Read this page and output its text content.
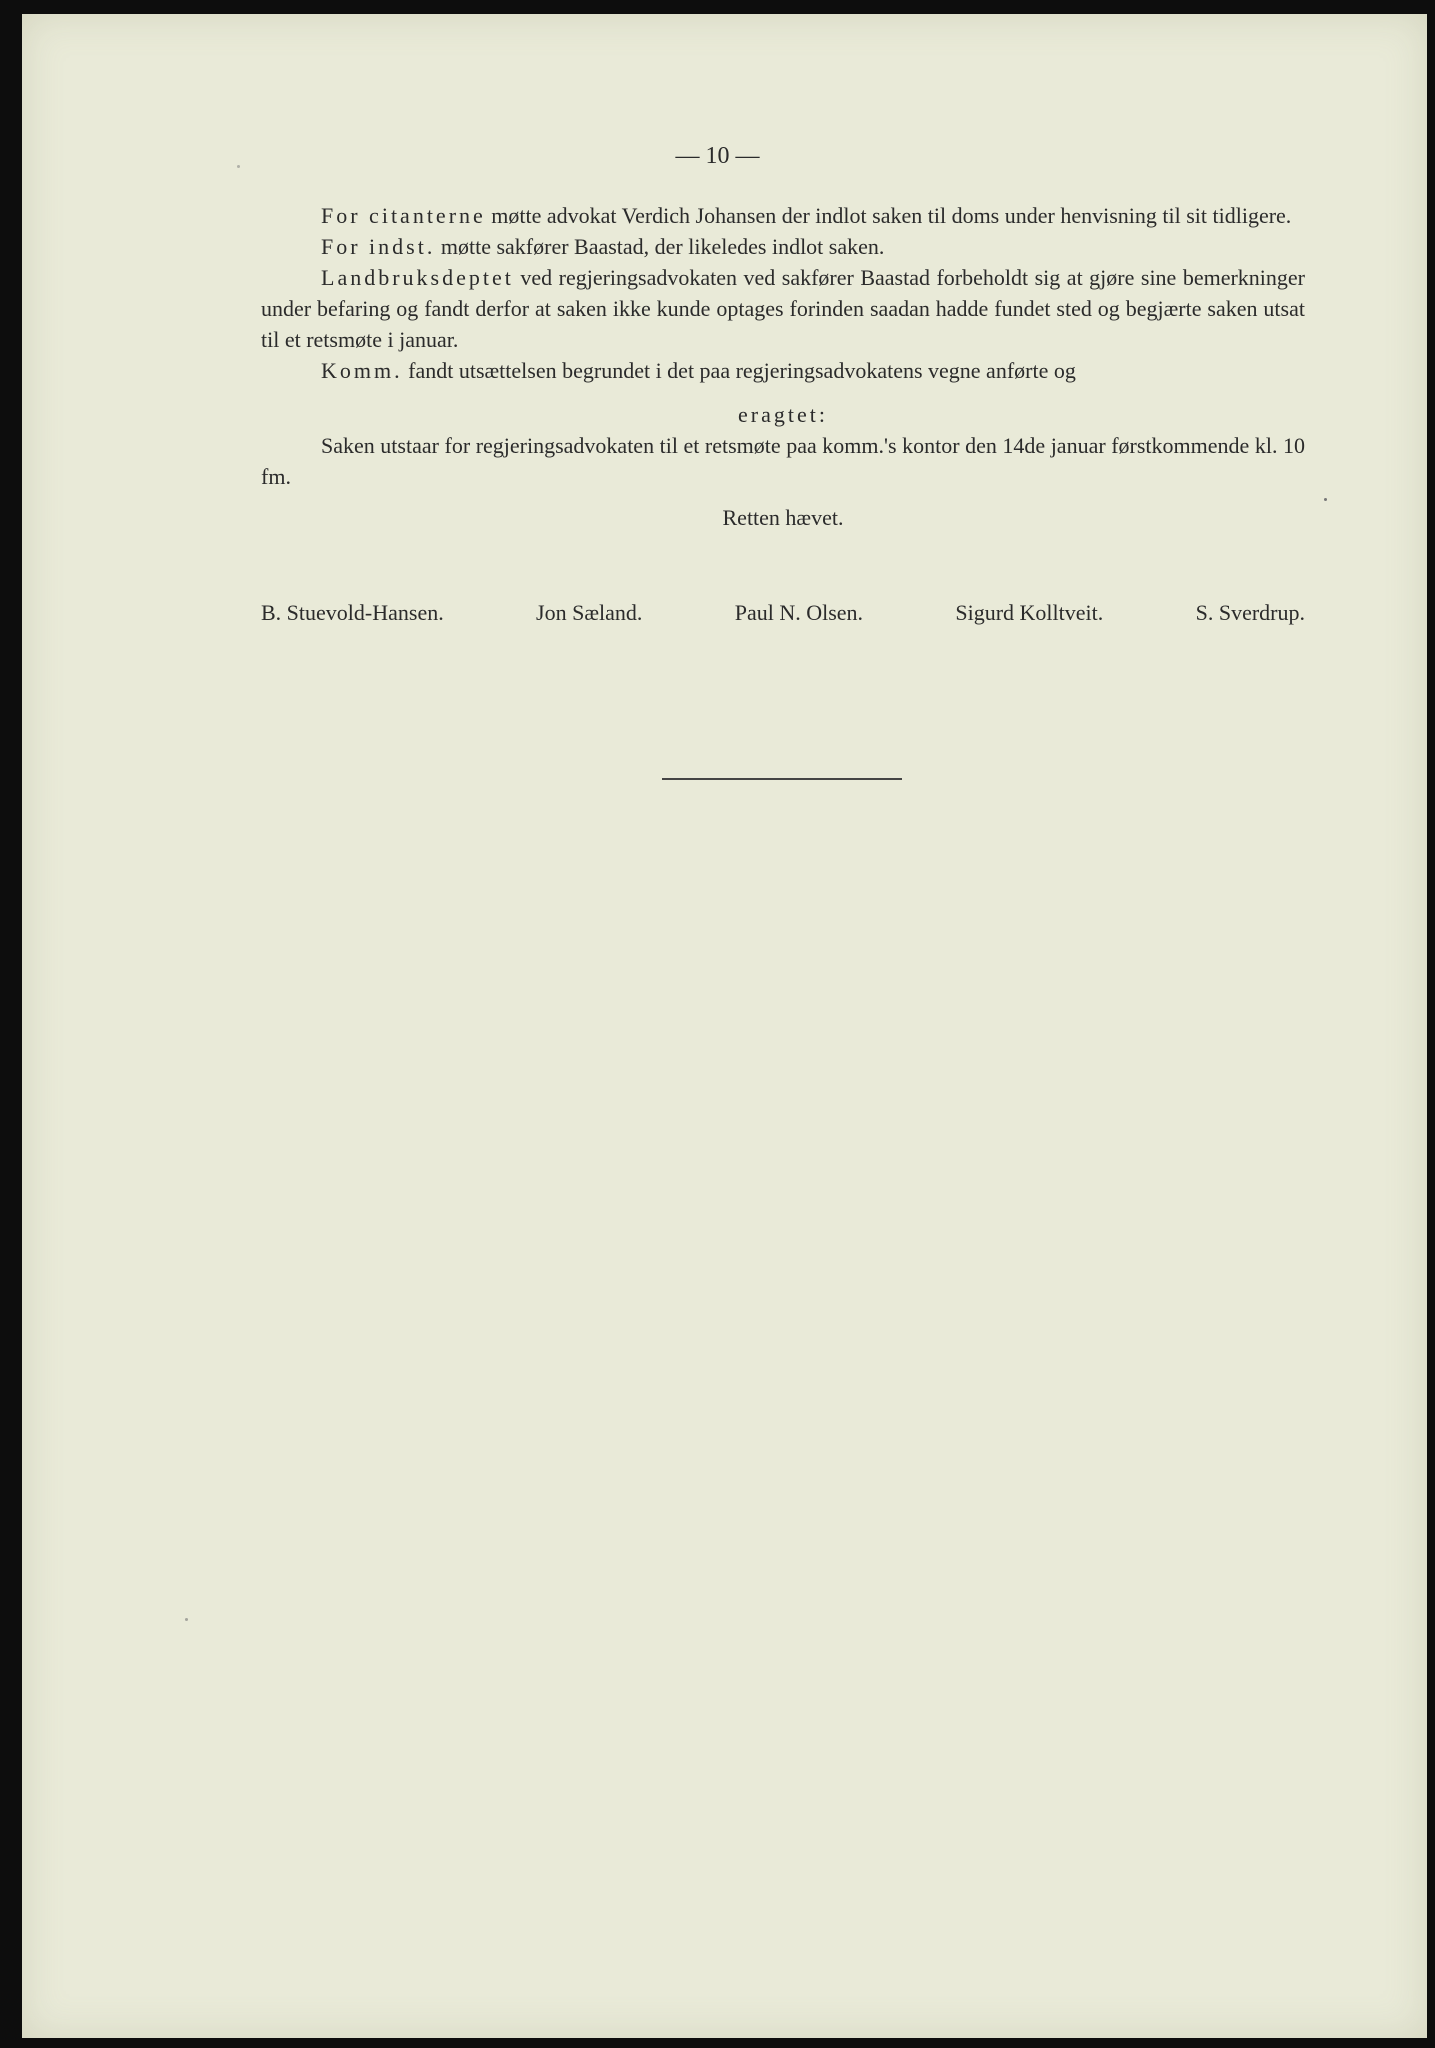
— 10 —

For citanterne møtte advokat Verdich Johansen der indlot saken til doms under henvisning til sit tidligere.

For indst. møtte sakfører Baastad, der likeledes indlot saken.

Landbruksdeptet ved regjeringsadvokaten ved sakfører Baastad forbeholdt sig at gjøre sine bemerkninger under befaring og fandt derfor at saken ikke kunde optages forinden saadan hadde fundet sted og begjærte saken utsat til et retsmøte i januar.

Komm. fandt utsættelsen begrundet i det paa regjeringsadvokatens vegne anførte og

eragtet:

Saken utstaar for regjeringsadvokaten til et retsmøte paa komm.'s kontor den 14de januar førstkommende kl. 10 fm.

Retten hævet.

B. Stuevold-Hansen.	Jon Sæland.	Paul N. Olsen.	Sigurd Kolltveit.	S. Sverdrup.
